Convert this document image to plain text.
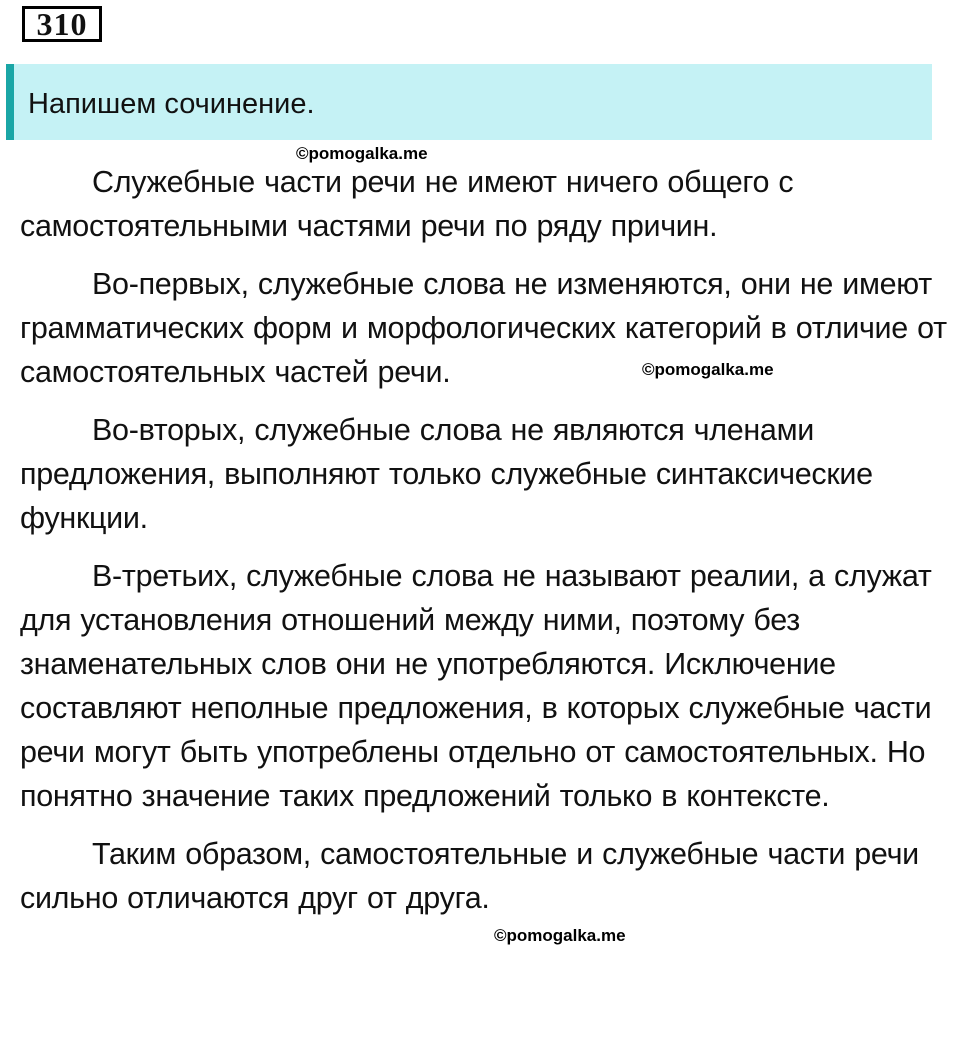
310
Напишем сочинение.

Служебные части речи не имеют ничего общего с самостоятельными частями речи по ряду причин.

Во-первых, служебные слова не изменяются, они не имеют грамматических форм и морфологических категорий в отличие от самостоятельных частей речи.

Во-вторых, служебные слова не являются членами предложения, выполняют только служебные синтаксические функции.

В-третьих, служебные слова не называют реалии, а служат для установления отношений между ними, поэтому без знаменательных слов они не употребляются. Исключение составляют неполные предложения, в которых служебные части речи могут быть употреблены отдельно от самостоятельных. Но понятно значение таких предложений только в контексте.

Таким образом, самостоятельные и служебные части речи сильно отличаются друг от друга.

©pomogalka.me
©pomogalka.me
©pomogalka.me
